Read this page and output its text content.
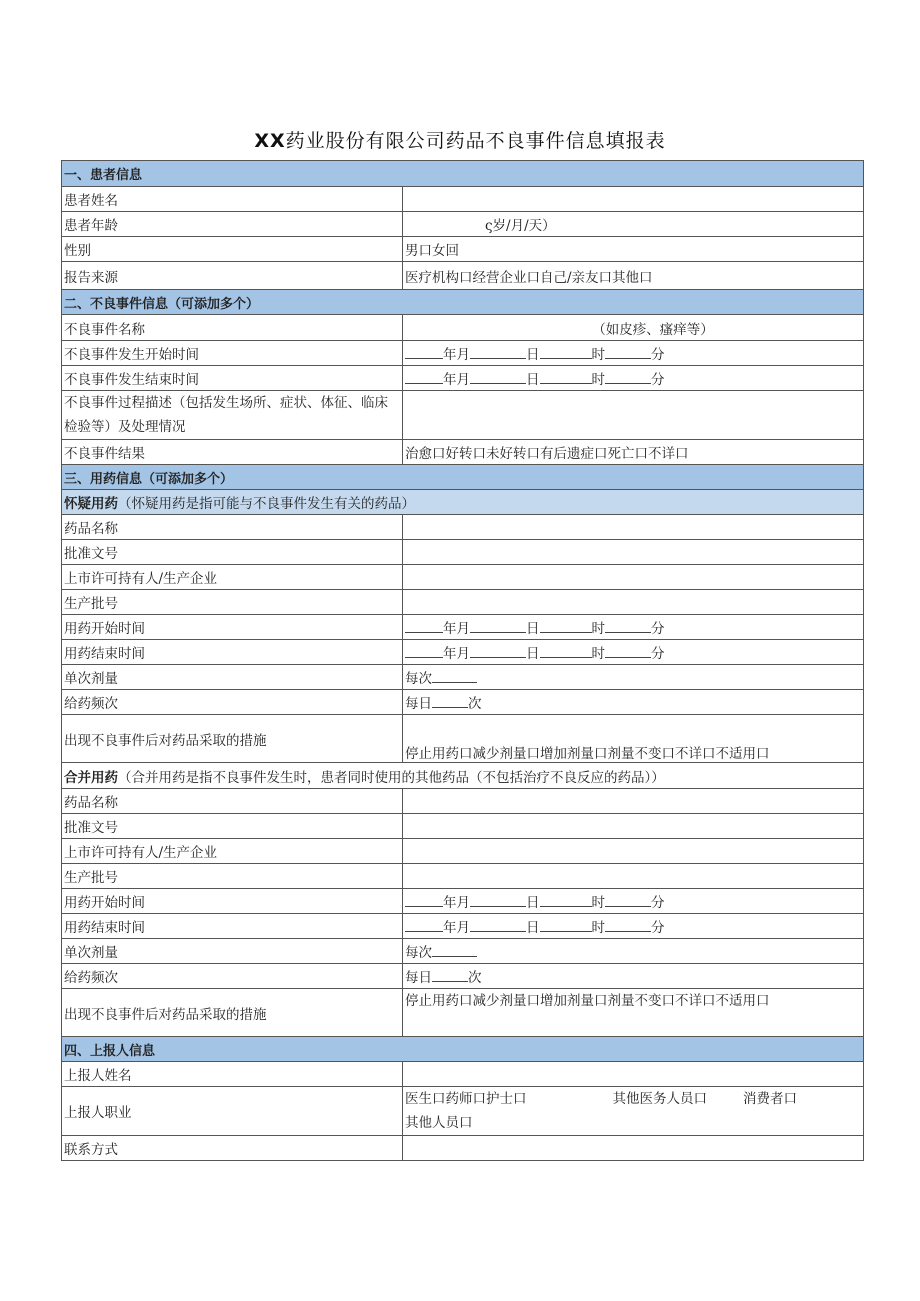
XX药业股份有限公司药品不良事件信息填报表
一、患者信息	
患者姓名	
患者年龄	ς岁/月/天）
性别	男口女回
报告来源	医疗机构口经营企业口自己/亲友口其他口
二、不良事件信息（可添加多个）	
不良事件名称	（如皮疹、瘙痒等）
不良事件发生开始时间	年月 日 时 分
不良事件发生结束时间	年月 日 时 分
不良事件过程描述（包括发生场所、症状、体征、临床检验等）及处理情况	
不良事件结果	治愈口好转口未好转口有后遗症口死亡口不详口
三、用药信息（可添加多个）	
怀疑用药（怀疑用药是指可能与不良事件发生有关的药品）	
药品名称	
批准文号	
上市许可持有人/生产企业	
生产批号	
用药开始时间	年月 日 时 分
用药结束时间	年月 日 时 分
单次剂量	每次
给药频次	每日 次
出现不良事件后对药品采取的措施	停止用药口减少剂量口增加剂量口剂量不变口不详口不适用口
合并用药（合并用药是指不良事件发生时，患者同时使用的其他药品（不包括治疗不良反应的药品））	
药品名称	
批准文号	
上市许可持有人/生产企业	
生产批号	
用药开始时间	年月 日 时 分
用药结束时间	年月 日 时 分
单次剂量	每次
给药频次	每日 次
出现不良事件后对药品采取的措施	停止用药口减少剂量口增加剂量口剂量不变口不详口不适用口
四、上报人信息	
上报人姓名	
上报人职业	医生口药师口护士口 其他医务人员口 消费者口
其他人员口
联系方式	
